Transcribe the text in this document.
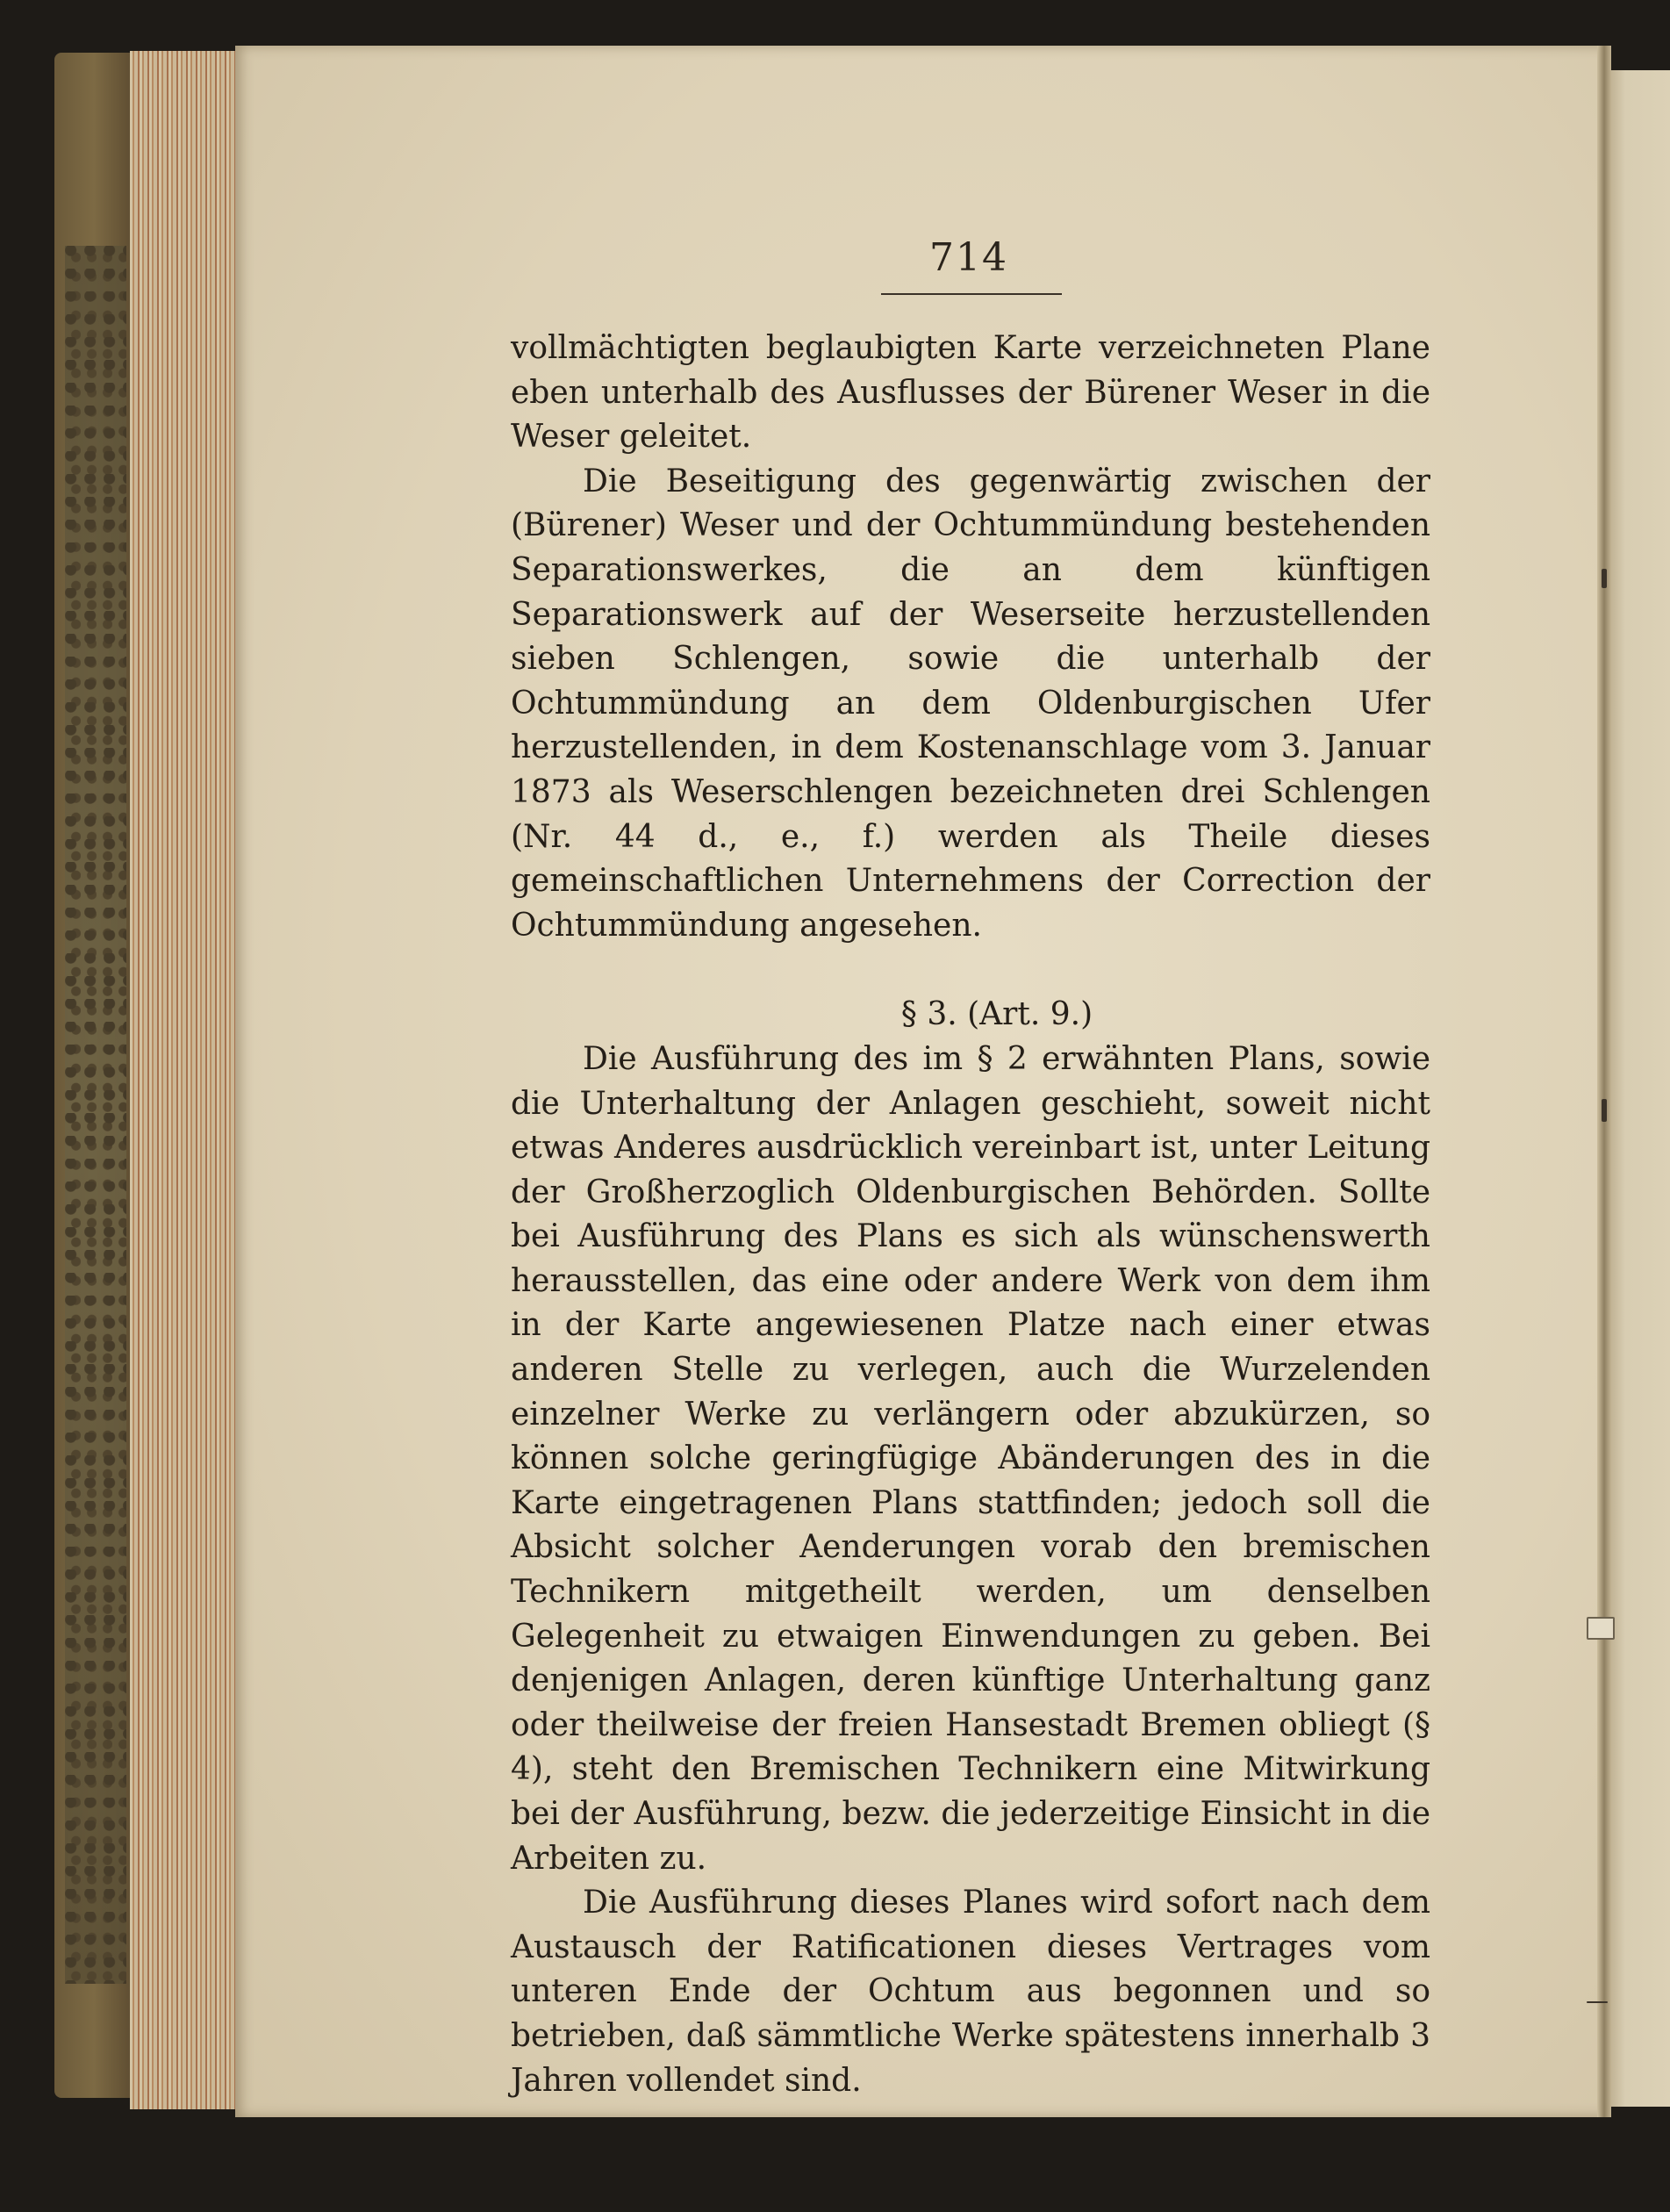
714

vollmächtigten beglaubigten Karte verzeichneten Plane eben unterhalb des Ausflusses der Bürener Weser in die Weser geleitet.

Die Beseitigung des gegenwärtig zwischen der (Bürener) Weser und der Ochtummündung bestehenden Separationswerkes, die an dem künftigen Separationswerk auf der Weserseite herzustellenden sieben Schlengen, sowie die unterhalb der Ochtummündung an dem Oldenburgischen Ufer herzustellenden, in dem Kostenanschlage vom 3. Januar 1873 als Weserschlengen bezeichneten drei Schlengen (Nr. 44 d., e., f.) werden als Theile dieses gemeinschaftlichen Unternehmens der Correction der Ochtummündung angesehen.

§ 3. (Art. 9.)

Die Ausführung des im § 2 erwähnten Plans, sowie die Unterhaltung der Anlagen geschieht, soweit nicht etwas Anderes ausdrücklich vereinbart ist, unter Leitung der Großherzoglich Oldenburgischen Behörden. Sollte bei Ausführung des Plans es sich als wünschenswerth herausstellen, das eine oder andere Werk von dem ihm in der Karte angewiesenen Platze nach einer etwas anderen Stelle zu verlegen, auch die Wurzelenden einzelner Werke zu verlängern oder abzukürzen, so können solche geringfügige Abänderungen des in die Karte eingetragenen Plans stattfinden; jedoch soll die Absicht solcher Aenderungen vorab den bremischen Technikern mitgetheilt werden, um denselben Gelegenheit zu etwaigen Einwendungen zu geben. Bei denjenigen Anlagen, deren künftige Unterhaltung ganz oder theilweise der freien Hansestadt Bremen obliegt (§ 4), steht den Bremischen Technikern eine Mitwirkung bei der Ausführung, bezw. die jederzeitige Einsicht in die Arbeiten zu.

Die Ausführung dieses Planes wird sofort nach dem Austausch der Ratificationen dieses Vertrages vom unteren Ende der Ochtum aus begonnen und so betrieben, daß sämmtliche Werke spätestens innerhalb 3 Jahren vollendet sind.
